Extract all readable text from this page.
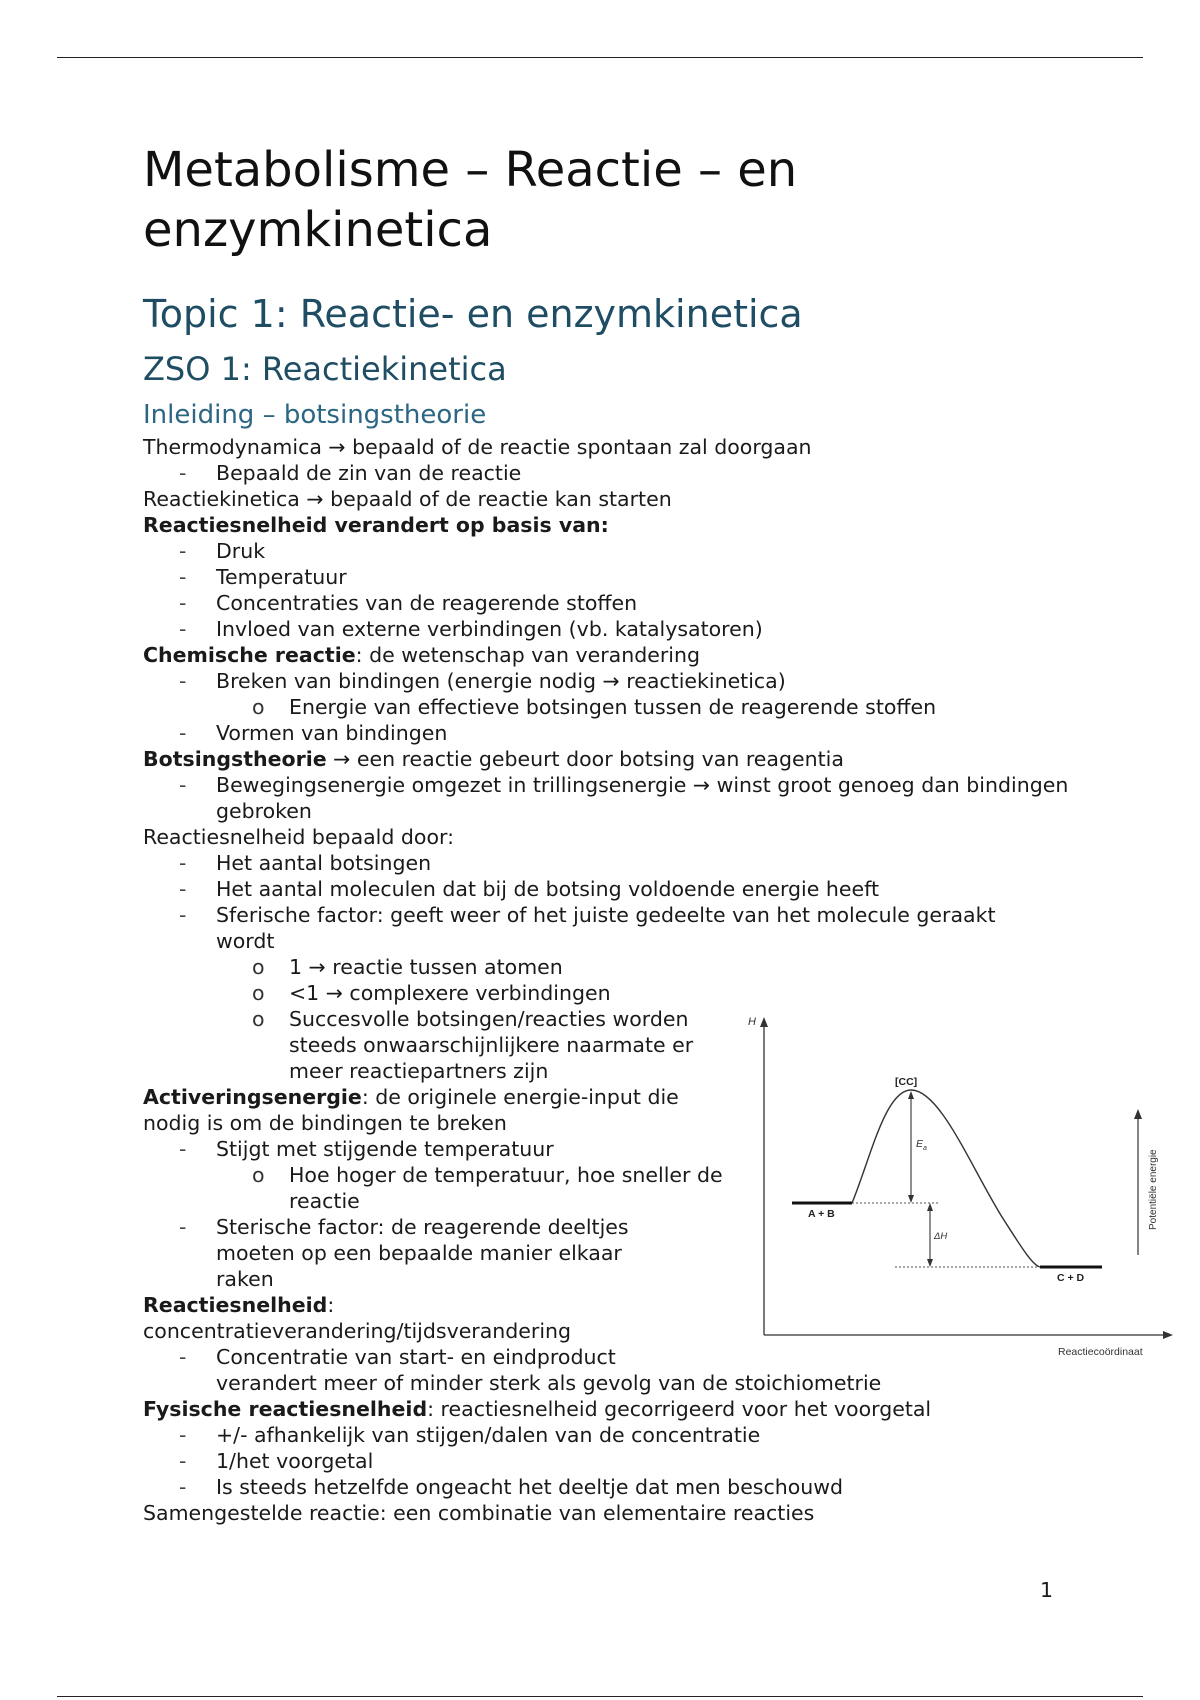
Metabolisme – Reactie – en enzymkinetica
Topic 1: Reactie- en enzymkinetica
ZSO 1: Reactiekinetica
Inleiding – botsingstheorie
Thermodynamica → bepaald of de reactie spontaan zal doorgaan
- Bepaald de zin van de reactie
Reactiekinetica → bepaald of de reactie kan starten
Reactiesnelheid verandert op basis van:
- Druk
- Temperatuur
- Concentraties van de reagerende stoffen
- Invloed van externe verbindingen (vb. katalysatoren)
Chemische reactie: de wetenschap van verandering
- Breken van bindingen (energie nodig → reactiekinetica)
o Energie van effectieve botsingen tussen de reagerende stoffen
- Vormen van bindingen
Botsingstheorie → een reactie gebeurt door botsing van reagentia
- Bewegingsenergie omgezet in trillingsenergie → winst groot genoeg dan bindingen gebroken
Reactiesnelheid bepaald door:
- Het aantal botsingen
- Het aantal moleculen dat bij de botsing voldoende energie heeft
- Sferische factor: geeft weer of het juiste gedeelte van het molecule geraakt wordt
o 1 → reactie tussen atomen
o <1 → complexere verbindingen
o Succesvolle botsingen/reacties worden steeds onwaarschijnlijkere naarmate er meer reactiepartners zijn
Activeringsenergie: de originele energie-input die nodig is om de bindingen te breken
- Stijgt met stijgende temperatuur
o Hoe hoger de temperatuur, hoe sneller de reactie
- Sterische factor: de reagerende deeltjes moeten op een bepaalde manier elkaar raken
Reactiesnelheid:
concentratieverandering/tijdsverandering
- Concentratie van start- en eindproduct
verandert meer of minder sterk als gevolg van de stoichiometrie
Fysische reactiesnelheid: reactiesnelheid gecorrigeerd voor het voorgetal
- +/- afhankelijk van stijgen/dalen van de concentratie
- 1/het voorgetal
- Is steeds hetzelfde ongeacht het deeltje dat men beschouwd
Samengestelde reactie: een combinatie van elementaire reacties
H
Reactiecoördinaat
A + B
C + D
[CC]
$E_a$
ΔH
Potentiële energie
1
